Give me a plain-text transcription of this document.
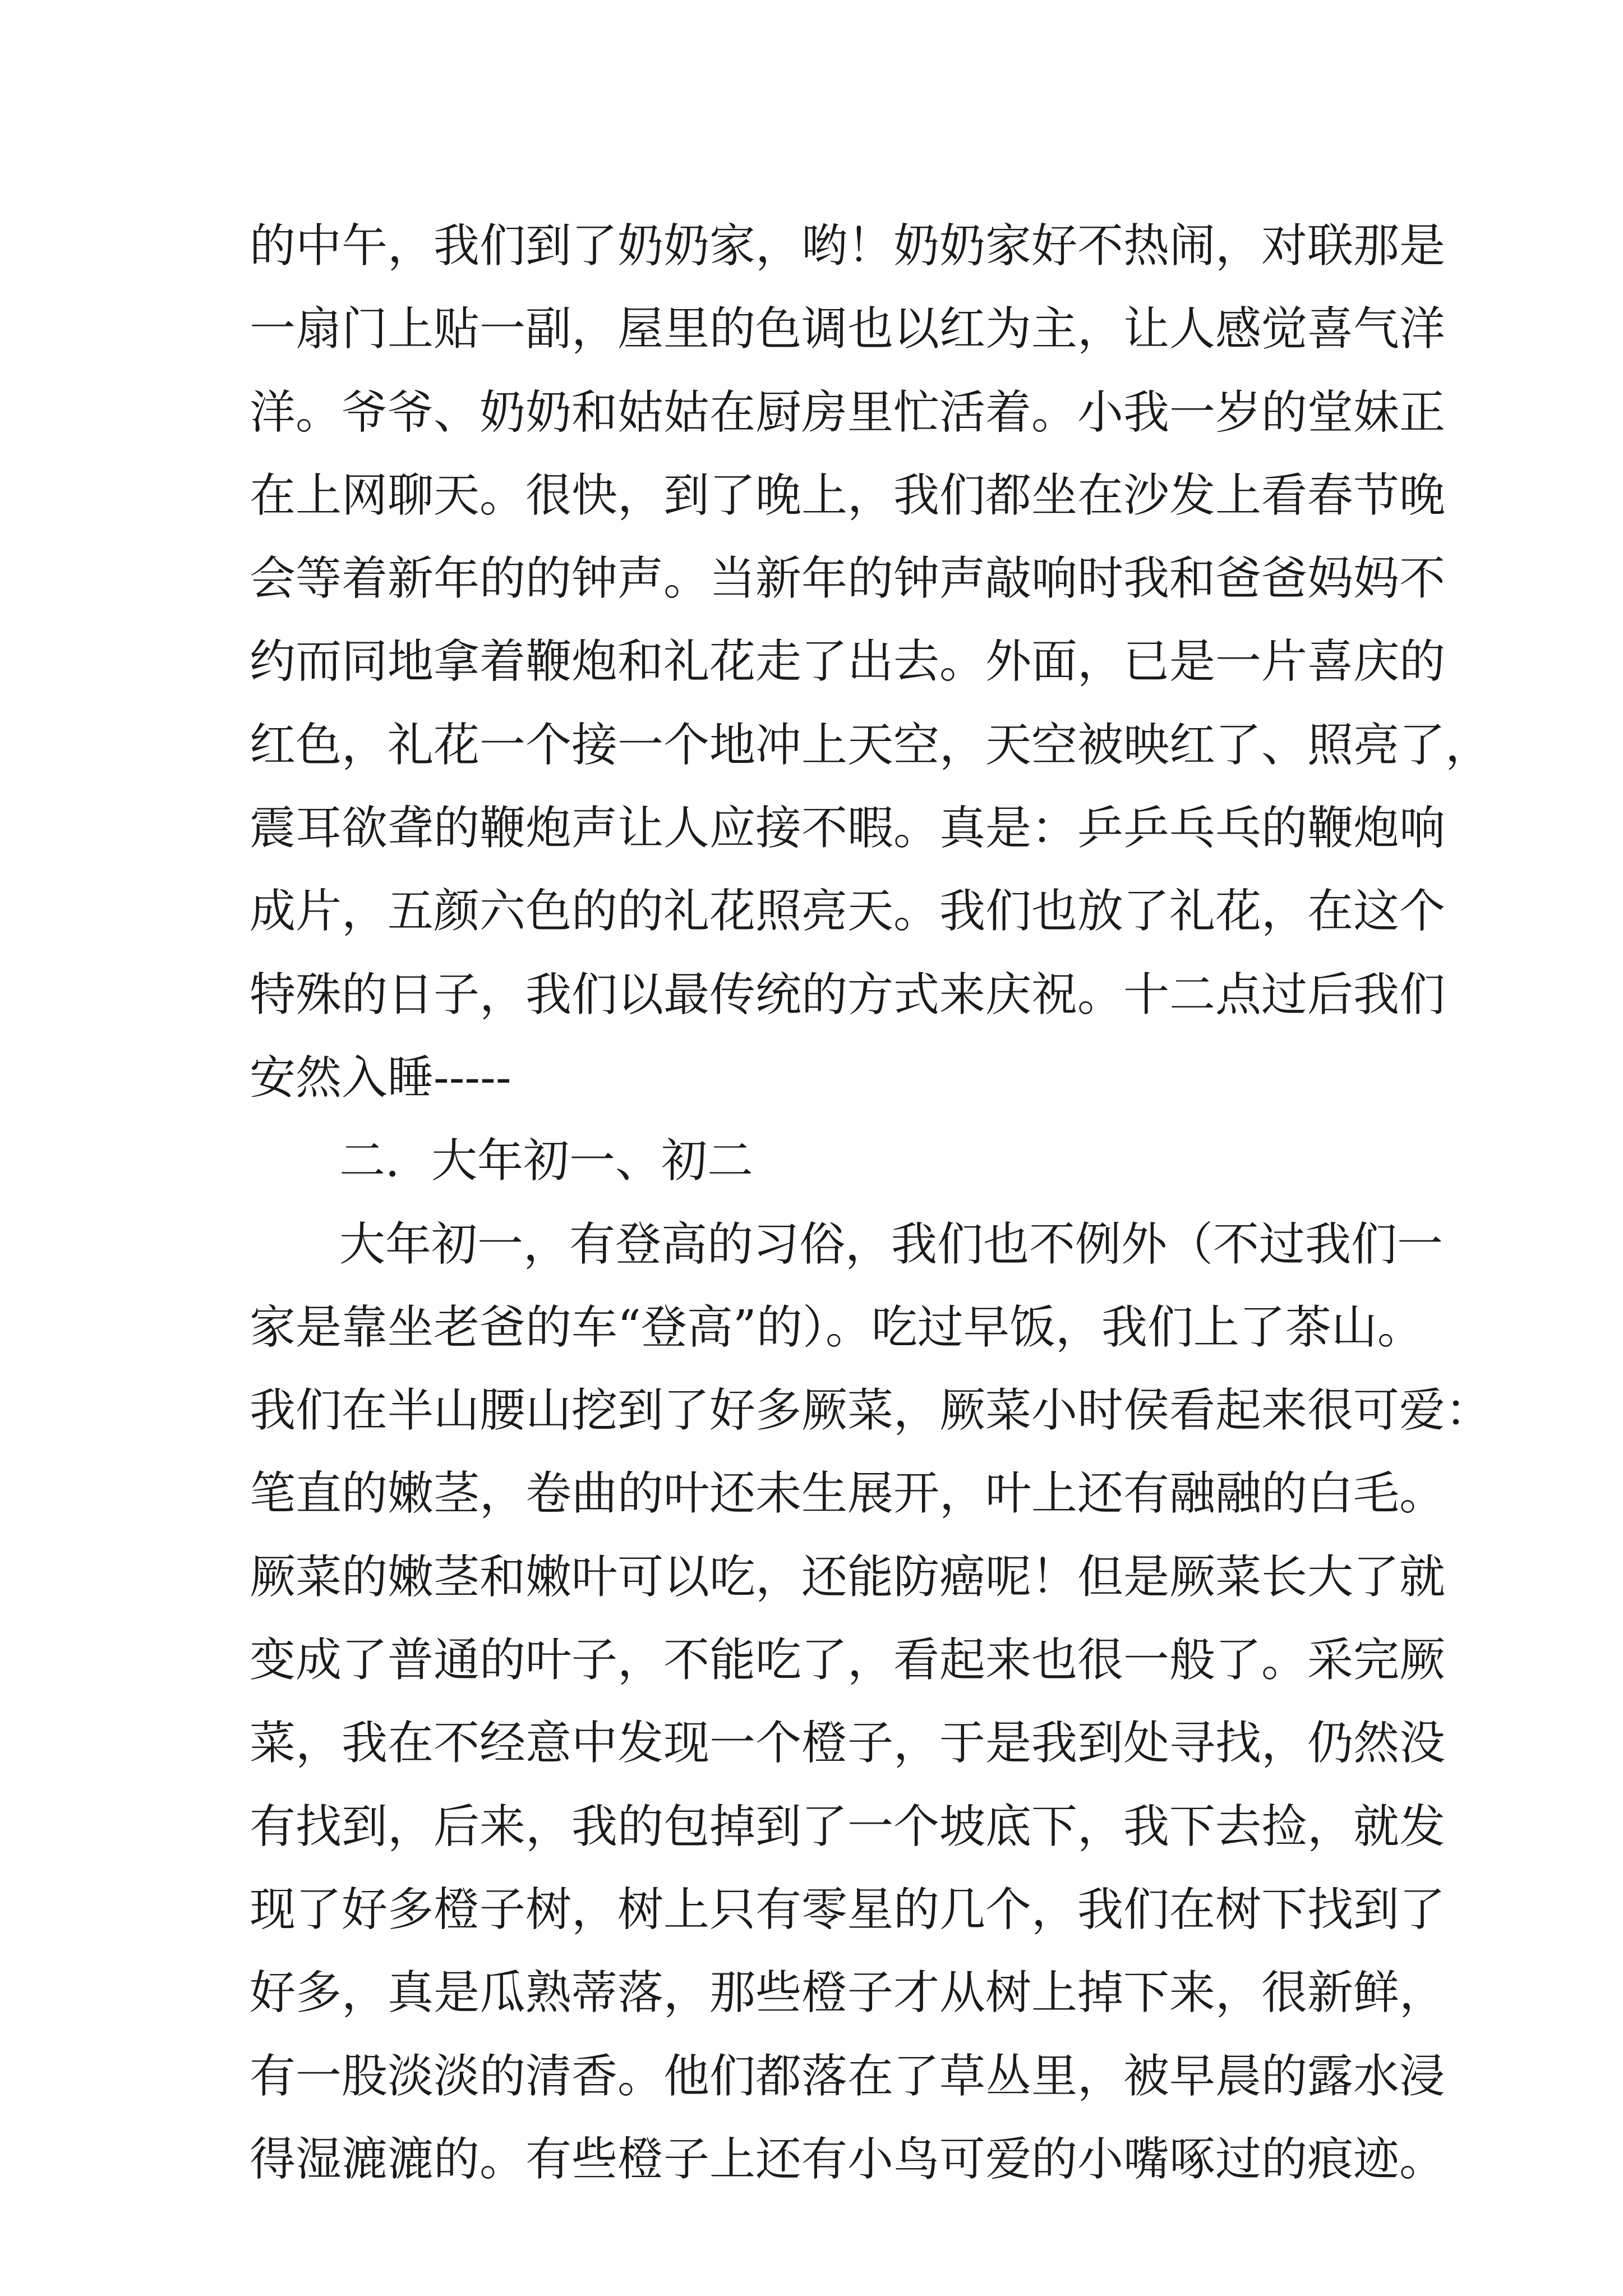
的中午，我们到了奶奶家，哟！奶奶家好不热闹，对联那是
一扇门上贴一副，屋里的色调也以红为主，让人感觉喜气洋
洋。爷爷、奶奶和姑姑在厨房里忙活着。小我一岁的堂妹正
在上网聊天。很快，到了晚上，我们都坐在沙发上看春节晚
会等着新年的的钟声。当新年的钟声敲响时我和爸爸妈妈不
约而同地拿着鞭炮和礼花走了出去。外面，已是一片喜庆的
红色，礼花一个接一个地冲上天空，天空被映红了、照亮了，
震耳欲聋的鞭炮声让人应接不暇。真是：乒乒乓乓的鞭炮响
成片，五颜六色的的礼花照亮天。我们也放了礼花，在这个
特殊的日子，我们以最传统的方式来庆祝。十二点过后我们
安然入睡-----
二．大年初一、初二
大年初一，有登高的习俗，我们也不例外（不过我们一
家是靠坐老爸的车“登高”的）。吃过早饭，我们上了茶山。
我们在半山腰山挖到了好多厥菜，厥菜小时侯看起来很可爱：
笔直的嫩茎，卷曲的叶还未生展开，叶上还有融融的白毛。
厥菜的嫩茎和嫩叶可以吃，还能防癌呢！但是厥菜长大了就
变成了普通的叶子，不能吃了，看起来也很一般了。采完厥
菜，我在不经意中发现一个橙子，于是我到处寻找，仍然没
有找到，后来，我的包掉到了一个坡底下，我下去捡，就发
现了好多橙子树，树上只有零星的几个，我们在树下找到了
好多，真是瓜熟蒂落，那些橙子才从树上掉下来，很新鲜，
有一股淡淡的清香。他们都落在了草丛里，被早晨的露水浸
得湿漉漉的。有些橙子上还有小鸟可爱的小嘴啄过的痕迹。
